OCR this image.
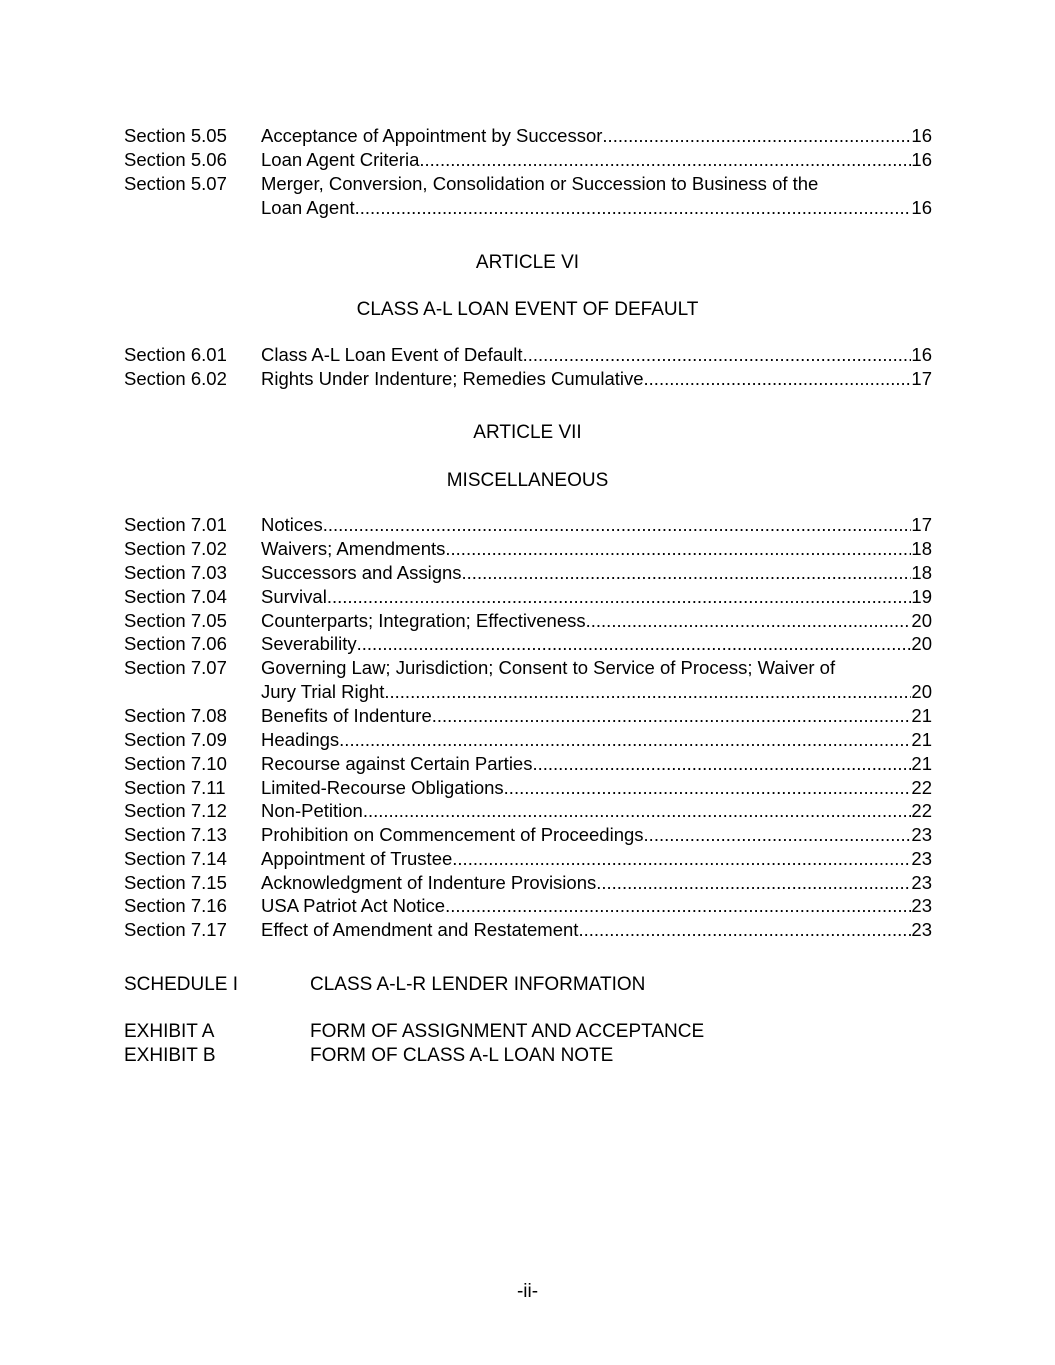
Section 5.05 Acceptance of Appointment by Successor .....	16
Section 5.06 Loan Agent Criteria .....	16
Section 5.07 Merger, Conversion, Consolidation or Succession to Business of the
Loan Agent .....	16
ARTICLE VI
CLASS A-L LOAN EVENT OF DEFAULT
Section 6.01 Class A-L Loan Event of Default .....	16
Section 6.02 Rights Under Indenture; Remedies Cumulative .....	17
ARTICLE VII
MISCELLANEOUS
Section 7.01 Notices .....	17
Section 7.02 Waivers; Amendments .....	18
Section 7.03 Successors and Assigns .....	18
Section 7.04 Survival .....	19
Section 7.05 Counterparts; Integration; Effectiveness .....	20
Section 7.06 Severability .....	20
Section 7.07 Governing Law; Jurisdiction; Consent to Service of Process; Waiver of
Jury Trial Right .....	20
Section 7.08 Benefits of Indenture .....	21
Section 7.09 Headings .....	21
Section 7.10 Recourse against Certain Parties .....	21
Section 7.11 Limited-Recourse Obligations .....	22
Section 7.12 Non-Petition .....	22
Section 7.13 Prohibition on Commencement of Proceedings .....	23
Section 7.14 Appointment of Trustee .....	23
Section 7.15 Acknowledgment of Indenture Provisions .....	23
Section 7.16 USA Patriot Act Notice .....	23
Section 7.17 Effect of Amendment and Restatement .....	23
SCHEDULE I	CLASS A-L-R LENDER INFORMATION
EXHIBIT A	FORM OF ASSIGNMENT AND ACCEPTANCE
EXHIBIT B	FORM OF CLASS A-L LOAN NOTE
-ii-
